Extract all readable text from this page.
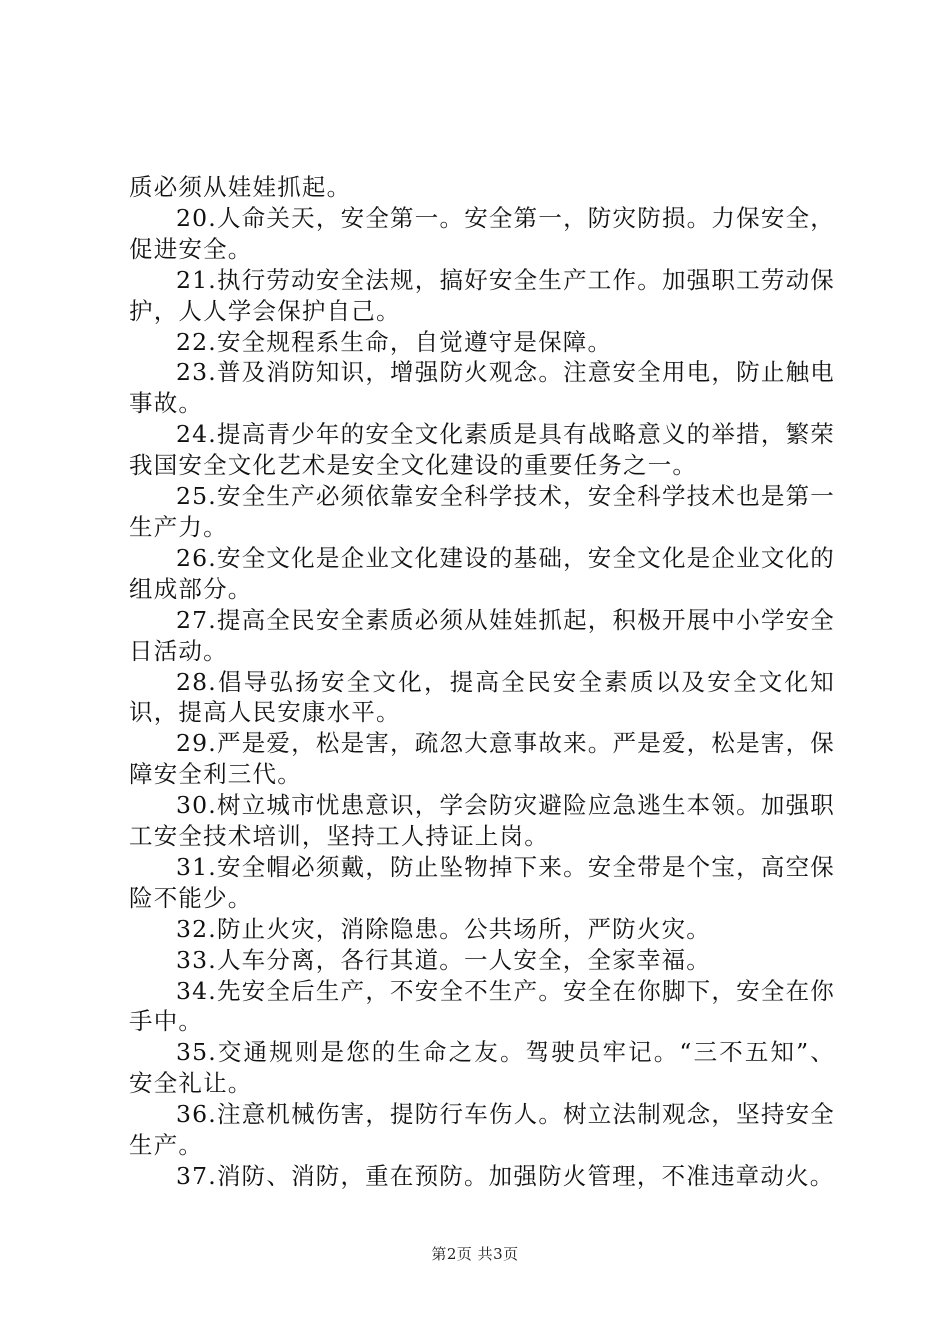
质必须从娃娃抓起。

20.人命关天，安全第一。安全第一，防灾防损。力保安全，促进安全。

21.执行劳动安全法规，搞好安全生产工作。加强职工劳动保护，人人学会保护自己。

22.安全规程系生命，自觉遵守是保障。

23.普及消防知识，增强防火观念。注意安全用电，防止触电事故。

24.提高青少年的安全文化素质是具有战略意义的举措，繁荣我国安全文化艺术是安全文化建设的重要任务之一。

25.安全生产必须依靠安全科学技术，安全科学技术也是第一生产力。

26.安全文化是企业文化建设的基础，安全文化是企业文化的组成部分。

27.提高全民安全素质必须从娃娃抓起，积极开展中小学安全日活动。

28.倡导弘扬安全文化，提高全民安全素质以及安全文化知识，提高人民安康水平。

29.严是爱，松是害，疏忽大意事故来。严是爱，松是害，保障安全利三代。

30.树立城市忧患意识，学会防灾避险应急逃生本领。加强职工安全技术培训，坚持工人持证上岗。

31.安全帽必须戴，防止坠物掉下来。安全带是个宝，高空保险不能少。

32.防止火灾，消除隐患。公共场所，严防火灾。

33.人车分离，各行其道。一人安全，全家幸福。

34.先安全后生产，不安全不生产。安全在你脚下，安全在你手中。

35.交通规则是您的生命之友。驾驶员牢记。“三不五知”、安全礼让。

36.注意机械伤害，提防行车伤人。树立法制观念，坚持安全生产。

37.消防、消防，重在预防。加强防火管理，不准违章动火。

第2页 共3页
